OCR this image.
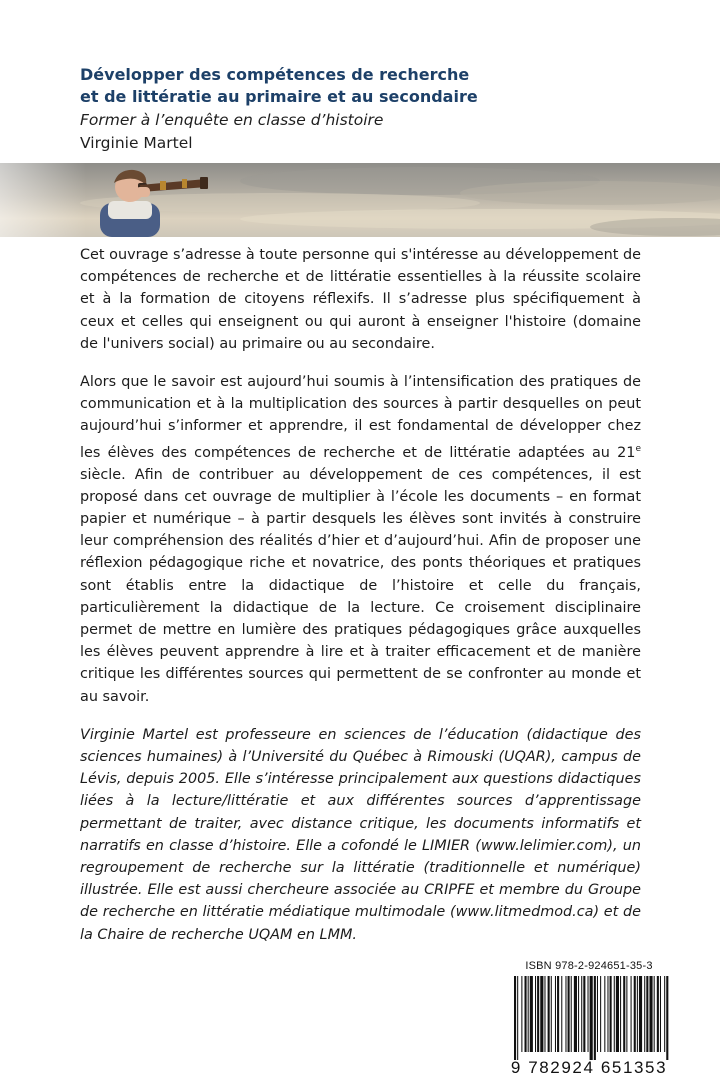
Développer des compétences de recherche
et de littératie au primaire et au secondaire
Former à l’enquête en classe d’histoire
Virginie Martel

Cet ouvrage s’adresse à toute personne qui s'intéresse au développement de compétences de recherche et de littératie essentielles à la réussite scolaire et à la formation de citoyens réflexifs. Il s’adresse plus spécifiquement à ceux et celles qui enseignent ou qui auront à enseigner l'histoire (domaine de l'univers social) au primaire ou au secondaire.

Alors que le savoir est aujourd’hui soumis à l’intensification des pratiques de communication et à la multiplication des sources à partir desquelles on peut aujourd’hui s’informer et apprendre, il est fondamental de développer chez les élèves des compétences de recherche et de littératie adaptées au 21e siècle. Afin de contribuer au développement de ces compétences, il est proposé dans cet ouvrage de multiplier à l’école les documents – en format papier et numérique – à partir desquels les élèves sont invités à construire leur compréhension des réalités d’hier et d’aujourd’hui. Afin de proposer une réflexion pédagogique riche et novatrice, des ponts théoriques et pratiques sont établis entre la didactique de l’histoire et celle du français, particulièrement la didactique de la lecture. Ce croisement disciplinaire permet de mettre en lumière des pratiques pédagogiques grâce auxquelles les élèves peuvent apprendre à lire et à traiter efficacement et de manière critique les différentes sources qui permettent de se confronter au monde et au savoir.

Virginie Martel est professeure en sciences de l’éducation (didactique des sciences humaines) à l’Université du Québec à Rimouski (UQAR), campus de Lévis, depuis 2005. Elle s’intéresse principalement aux questions didactiques liées à la lecture/littératie et aux différentes sources d’apprentissage permettant de traiter, avec distance critique, les documents informatifs et narratifs en classe d’histoire. Elle a cofondé le LIMIER (www.lelimier.com), un regroupement de recherche sur la littératie (traditionnelle et numérique) illustrée. Elle est aussi chercheure associée au CRIPFE et membre du Groupe de recherche en littératie médiatique multimodale (www.litmedmod.ca) et de la Chaire de recherche UQAM en LMM.

ISBN 978-2-924651-35-3
9 782924 651353
